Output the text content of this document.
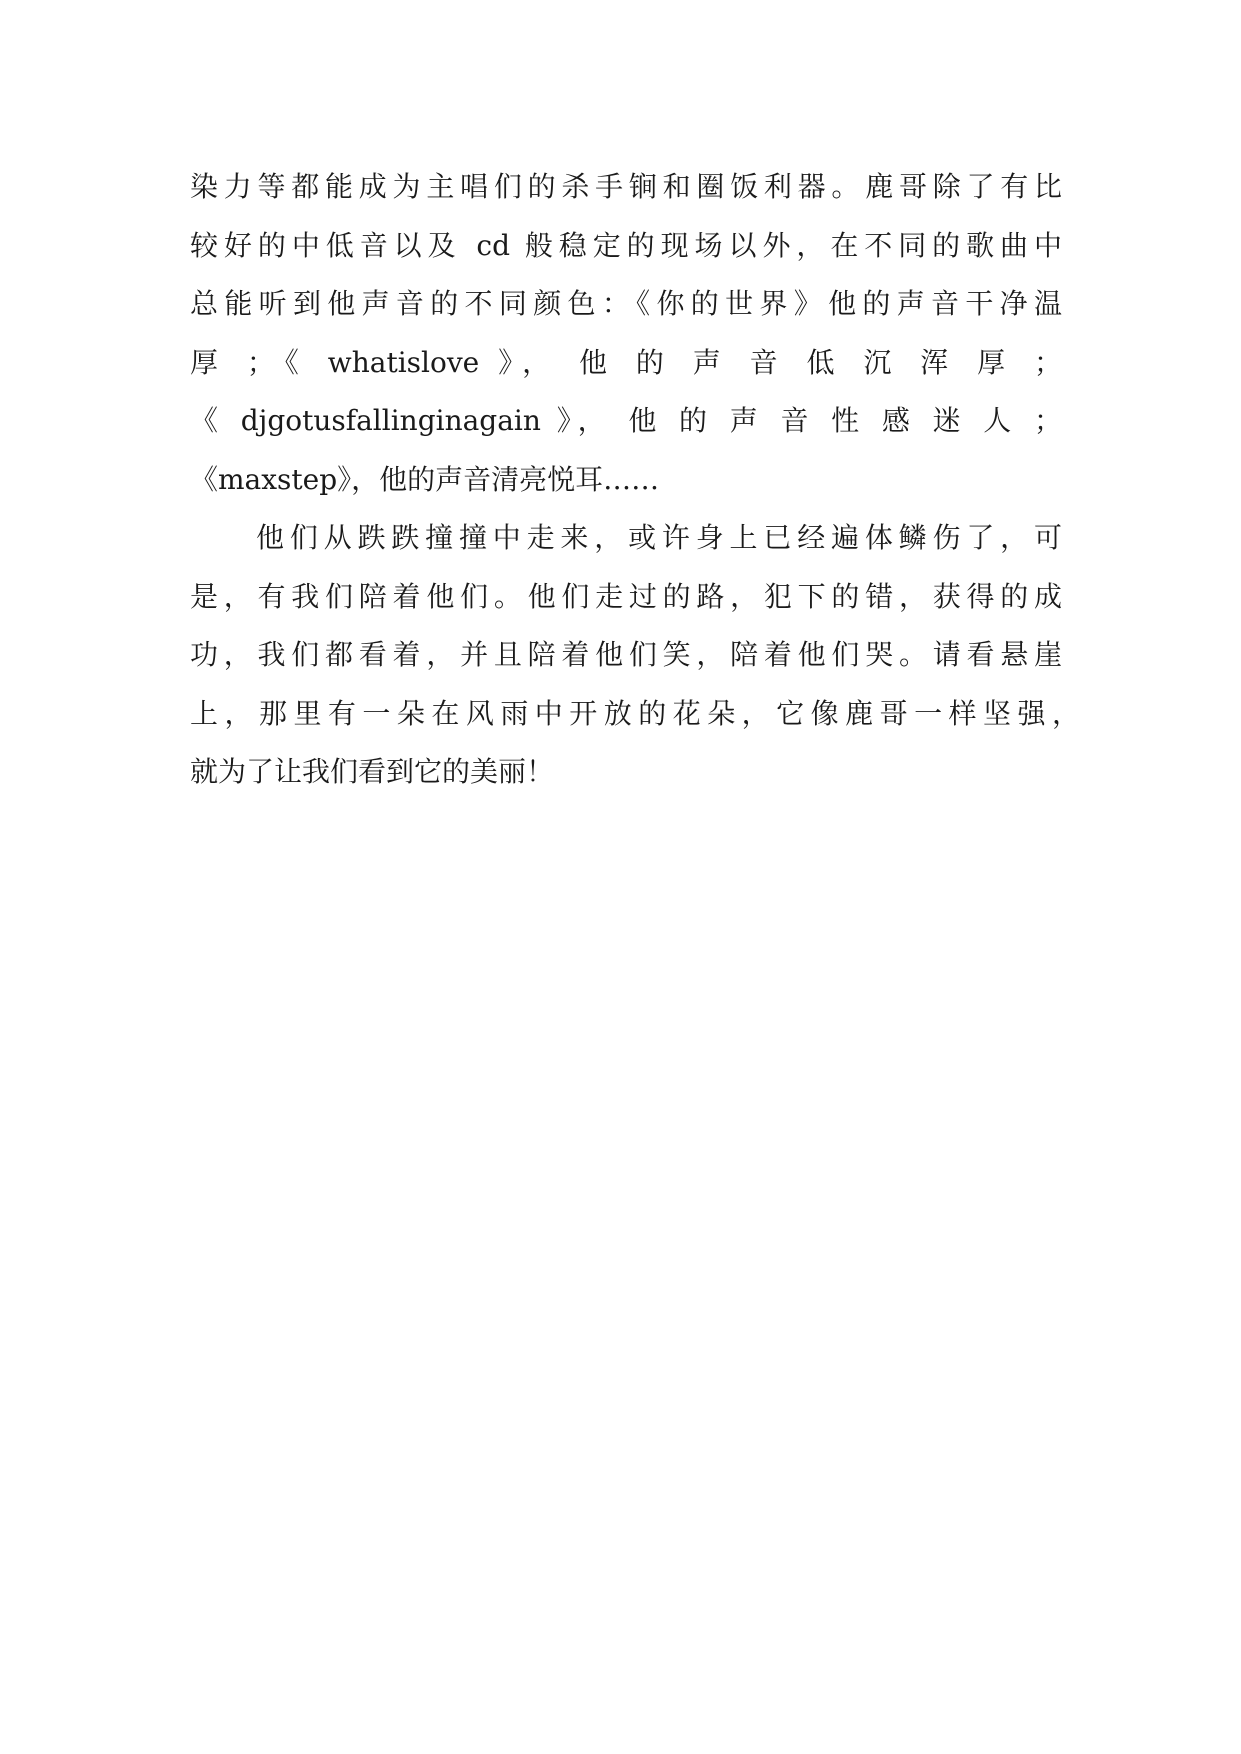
染力等都能成为主唱们的杀手锏和圈饭利器。鹿哥除了有比
较好的中低音以及 cd 般稳定的现场以外，在不同的歌曲中
总能听到他声音的不同颜色：《你的世界》他的声音干净温
厚 ；《 whatislove 》， 他 的 声 音 低 沉 浑 厚 ；
《 djgotusfallinginagain 》， 他 的 声 音 性 感 迷 人 ；
《maxstep》，他的声音清亮悦耳……
他们从跌跌撞撞中走来，或许身上已经遍体鳞伤了，可
是，有我们陪着他们。他们走过的路，犯下的错，获得的成
功，我们都看着，并且陪着他们笑，陪着他们哭。请看悬崖
上，那里有一朵在风雨中开放的花朵，它像鹿哥一样坚强，
就为了让我们看到它的美丽！
